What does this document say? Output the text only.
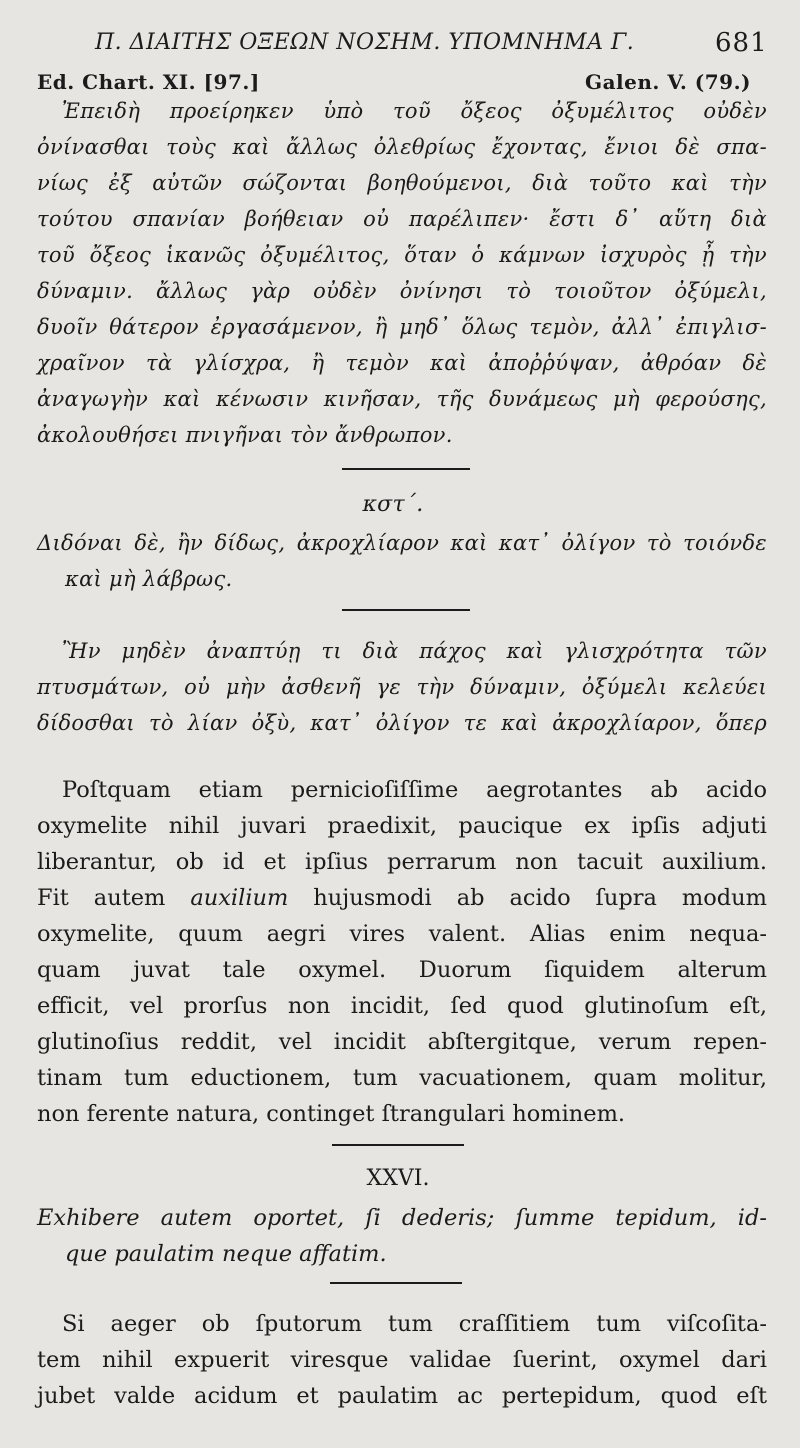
Π. ΔΙΑΙΤΗΣ ΟΞΕΩΝ ΝΟΣΗΜ. ΥΠΟΜΝΗΜΑ Γ.	681
Ed. Chart. XI. [97.]	Galen. V. (79.)
Ἐπειδὴ προείρηκεν ὑπὸ τοῦ ὄξεος ὀξυμέλιτος οὐδὲν
ὀνίνασθαι τοὺς καὶ ἄλλως ὀλεθρίως ἔχοντας, ἔνιοι δὲ σπα-
νίως ἐξ αὐτῶν σώζονται βοηθούμενοι, διὰ τοῦτο καὶ τὴν
τούτου σπανίαν βοήθειαν οὐ παρέλιπεν· ἔστι δ᾽ αὕτη διὰ
τοῦ ὄξεος ἱκανῶς ὀξυμέλιτος, ὅταν ὁ κάμνων ἰσχυρὸς ᾖ τὴν
δύναμιν. ἄλλως γὰρ οὐδὲν ὀνίνησι τὸ τοιοῦτον ὀξύμελι,
δυοῖν θάτερον ἐργασάμενον, ἢ μηδ᾽ ὅλως τεμὸν, ἀλλ᾽ ἐπιγλισ-
χραῖνον τὰ γλίσχρα, ἢ τεμὸν καὶ ἀποῤῥύψαν, ἀθρόαν δὲ
ἀναγωγὴν καὶ κένωσιν κινῆσαν, τῆς δυνάμεως μὴ φερούσης,
ἀκολουθήσει πνιγῆναι τὸν ἄνθρωπον.
κστ΄.
Διδόναι δὲ, ἢν δίδως, ἀκροχλίαρον καὶ κατ᾽ ὀλίγον τὸ τοιόνδε
καὶ μὴ λάβρως.
Ἢν μηδὲν ἀναπτύῃ τι διὰ πάχος καὶ γλισχρότητα τῶν
πτυσμάτων, οὐ μὴν ἀσθενῆ γε τὴν δύναμιν, ὀξύμελι κελεύει
δίδοσθαι τὸ λίαν ὀξὺ, κατ᾽ ὀλίγον τε καὶ ἀκροχλίαρον, ὅπερ
Poſtquam etiam pernicioſiſſime aegrotantes ab acido
oxymelite nihil juvari praedixit, paucique ex ipſis adjuti
liberantur, ob id et ipſius perrarum non tacuit auxilium.
Fit autem auxilium hujusmodi ab acido ſupra modum
oxymelite, quum aegri vires valent. Alias enim nequa-
quam juvat tale oxymel. Duorum ſiquidem alterum
efficit, vel prorſus non incidit, ſed quod glutinoſum eſt,
glutinoſius reddit, vel incidit abſtergitque, verum repen-
tinam tum eductionem, tum vacuationem, quam molitur,
non ferente natura, continget ſtrangulari hominem.
XXVI.
Exhibere autem oportet, ſi dederis; ſumme tepidum, id-
que paulatim neque affatim.
Si aeger ob ſputorum tum craſſitiem tum viſcoſita-
tem nihil expuerit viresque validae ſuerint, oxymel dari
jubet valde acidum et paulatim ac pertepidum, quod eſt
